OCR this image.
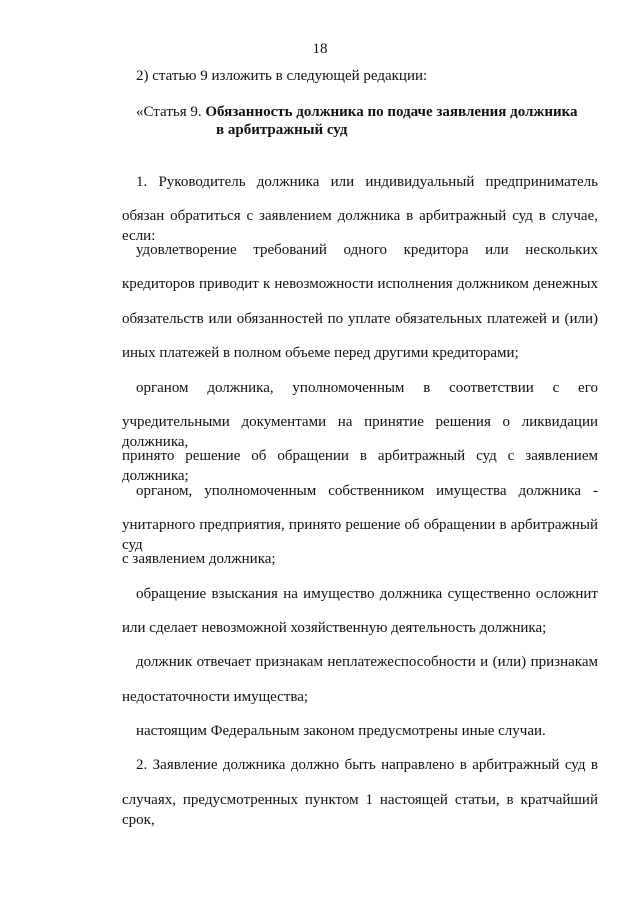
18
2) статью 9 изложить в следующей редакции:
«Статья 9. Обязанность должника по подаче заявления должника
в арбитражный суд
1. Руководитель должника или индивидуальный предприниматель
обязан обратиться с заявлением должника в арбитражный суд в случае, если:
удовлетворение требований одного кредитора или нескольких
кредиторов приводит к невозможности исполнения должником денежных
обязательств или обязанностей по уплате обязательных платежей и (или)
иных платежей в полном объеме перед другими кредиторами;
органом должника, уполномоченным в соответствии с его
учредительными документами на принятие решения о ликвидации должника,
принято решение об обращении в арбитражный суд с заявлением должника;
органом, уполномоченным собственником имущества должника -
унитарного предприятия, принято решение об обращении в арбитражный суд
с заявлением должника;
обращение взыскания на имущество должника существенно осложнит
или сделает невозможной хозяйственную деятельность должника;
должник отвечает признакам неплатежеспособности и (или) признакам
недостаточности имущества;
настоящим Федеральным законом предусмотрены иные случаи.
2. Заявление должника должно быть направлено в арбитражный суд в
случаях, предусмотренных пунктом 1 настоящей статьи, в кратчайший срок,
